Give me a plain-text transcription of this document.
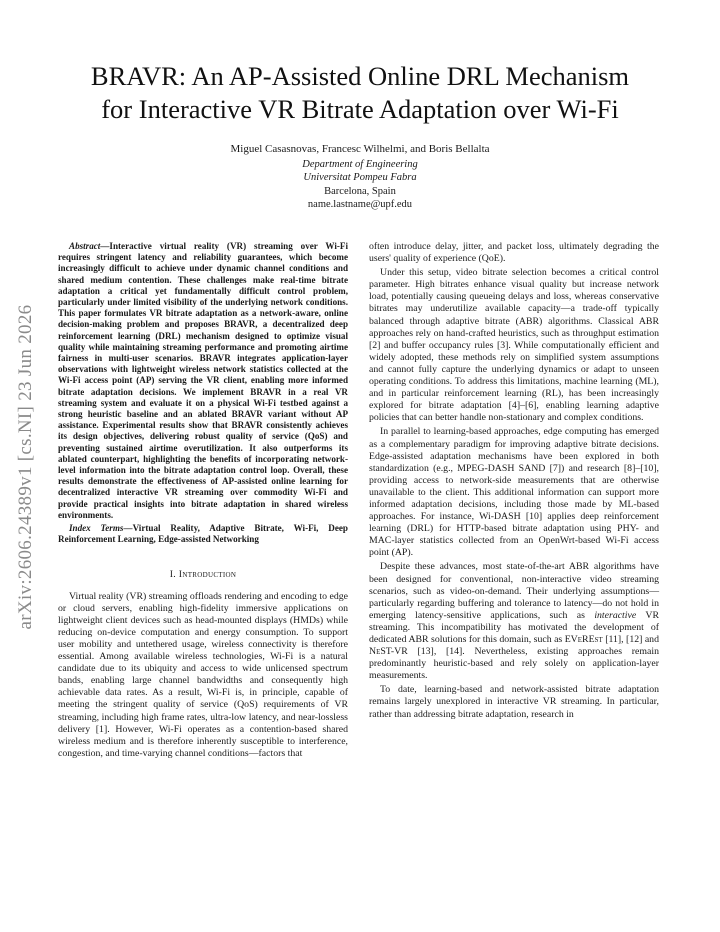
arXiv:2606.24389v1 [cs.NI] 23 Jun 2026
BRAVR: An AP-Assisted Online DRL Mechanism
for Interactive VR Bitrate Adaptation over Wi-Fi
Miguel Casasnovas, Francesc Wilhelmi, and Boris Bellalta
Department of Engineering
Universitat Pompeu Fabra
Barcelona, Spain
name.lastname@upf.edu

Abstract—Interactive virtual reality (VR) streaming over Wi-Fi requires stringent latency and reliability guarantees, which become increasingly difficult to achieve under dynamic channel conditions and shared medium contention. These challenges make real-time bitrate adaptation a critical yet fundamentally difficult control problem, particularly under limited visibility of the underlying network conditions. This paper formulates VR bitrate adaptation as a network-aware, online decision-making problem and proposes BRAVR, a decentralized deep reinforcement learning (DRL) mechanism designed to optimize visual quality while maintaining streaming performance and promoting airtime fairness in multi-user scenarios. BRAVR integrates application-layer observations with lightweight wireless network statistics collected at the Wi-Fi access point (AP) serving the VR client, enabling more informed bitrate adaptation decisions. We implement BRAVR in a real VR streaming system and evaluate it on a physical Wi-Fi testbed against a strong heuristic baseline and an ablated BRAVR variant without AP assistance. Experimental results show that BRAVR consistently achieves its design objectives, delivering robust quality of service (QoS) and preventing sustained airtime overutilization. It also outperforms its ablated counterpart, highlighting the benefits of incorporating network-level information into the bitrate adaptation control loop. Overall, these results demonstrate the effectiveness of AP-assisted online learning for decentralized interactive VR streaming over commodity Wi-Fi and provide practical insights into bitrate adaptation in shared wireless environments.

Index Terms—Virtual Reality, Adaptive Bitrate, Wi-Fi, Deep Reinforcement Learning, Edge-assisted Networking

I. Introduction

Virtual reality (VR) streaming offloads rendering and encoding to edge or cloud servers, enabling high-fidelity immersive applications on lightweight client devices such as head-mounted displays (HMDs) while reducing on-device computation and energy consumption. To support user mobility and untethered usage, wireless connectivity is therefore essential. Among available wireless technologies, Wi-Fi is a natural candidate due to its ubiquity and access to wide unlicensed spectrum bands, enabling large channel bandwidths and consequently high achievable data rates. As a result, Wi-Fi is, in principle, capable of meeting the stringent quality of service (QoS) requirements of VR streaming, including high frame rates, ultra-low latency, and near-lossless delivery [1]. However, Wi-Fi operates as a contention-based shared wireless medium and is therefore inherently susceptible to interference, congestion, and time-varying channel conditions—factors that

often introduce delay, jitter, and packet loss, ultimately degrading the users' quality of experience (QoE).

Under this setup, video bitrate selection becomes a critical control parameter. High bitrates enhance visual quality but increase network load, potentially causing queueing delays and loss, whereas conservative bitrates may underutilize available capacity—a trade-off typically balanced through adaptive bitrate (ABR) algorithms. Classical ABR approaches rely on hand-crafted heuristics, such as throughput estimation [2] and buffer occupancy rules [3]. While computationally efficient and widely adopted, these methods rely on simplified system assumptions and cannot fully capture the underlying dynamics or adapt to unseen operating conditions. To address this limitations, machine learning (ML), and in particular reinforcement learning (RL), has been increasingly explored for bitrate adaptation [4]–[6], enabling learning adaptive policies that can better handle non-stationary and complex conditions.

In parallel to learning-based approaches, edge computing has emerged as a complementary paradigm for improving adaptive bitrate decisions. Edge-assisted adaptation mechanisms have been explored in both standardization (e.g., MPEG-DASH SAND [7]) and research [8]–[10], providing access to network-side measurements that are otherwise unavailable to the client. This additional information can support more informed adaptation decisions, including those made by ML-based approaches. For instance, Wi-DASH [10] applies deep reinforcement learning (DRL) for HTTP-based bitrate adaptation using PHY- and MAC-layer statistics collected from an OpenWrt-based Wi-Fi access point (AP).

Despite these advances, most state-of-the-art ABR algorithms have been designed for conventional, non-interactive video streaming scenarios, such as video-on-demand. Their underlying assumptions—particularly regarding buffering and tolerance to latency—do not hold in emerging latency-sensitive applications, such as interactive VR streaming. This incompatibility has motivated the development of dedicated ABR solutions for this domain, such as EVeREst [11], [12] and NeST-VR [13], [14]. Nevertheless, existing approaches remain predominantly heuristic-based and rely solely on application-layer measurements.

To date, learning-based and network-assisted bitrate adaptation remains largely unexplored in interactive VR streaming. In particular, rather than addressing bitrate adaptation, research in
